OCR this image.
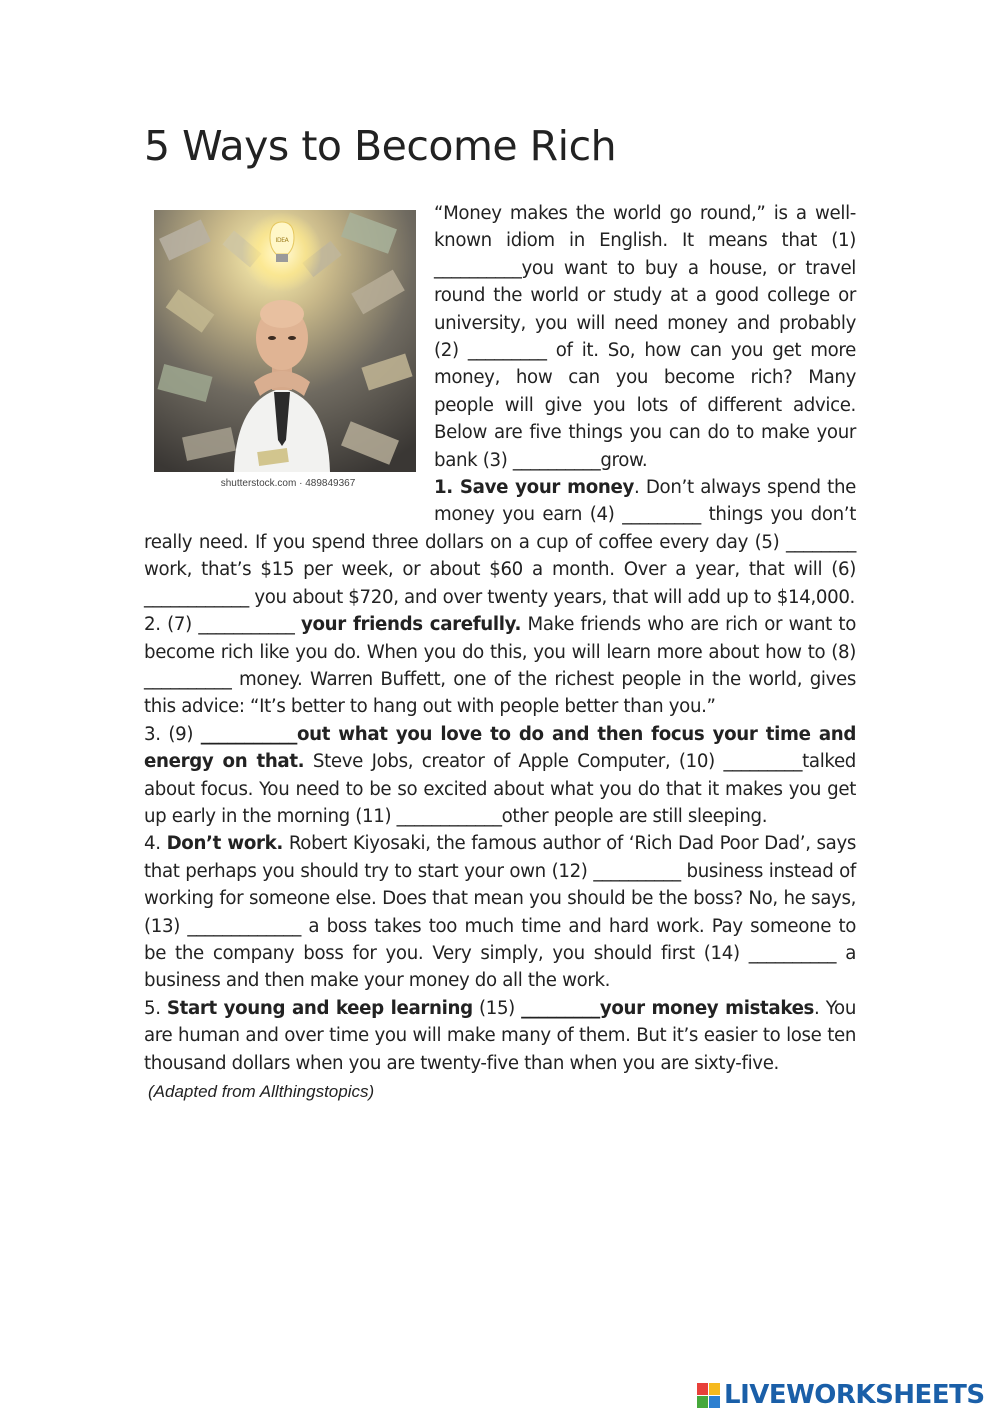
5 Ways to Become Rich
IDEA
shutterstock.com · 489849367

“Money makes the world go round,” is a well-known idiom in English. It means that (1) __________you want to buy a house, or travel round the world or study at a good college or university, you will need money and probably (2) _________ of it. So, how can you get more money, how can you become rich? Many people will give you lots of different advice. Below are five things you can do to make your bank (3) __________grow.

1. Save your money. Don’t always spend the money you earn (4) _________ things you don’t really need. If you spend three dollars on a cup of coffee every day (5) ________ work, that’s $15 per week, or about $60 a month. Over a year, that will (6) ____________ you about $720, and over twenty years, that will add up to $14,000.

2. (7) ___________ your friends carefully. Make friends who are rich or want to become rich like you do. When you do this, you will learn more about how to (8) __________ money. Warren Buffett, one of the richest people in the world, gives this advice: “It’s better to hang out with people better than you.”

3. (9) ___________out what you love to do and then focus your time and energy on that. Steve Jobs, creator of Apple Computer, (10) _________talked about focus. You need to be so excited about what you do that it makes you get up early in the morning (11) ____________other people are still sleeping.

4. Don’t work. Robert Kiyosaki, the famous author of ‘Rich Dad Poor Dad’, says that perhaps you should try to start your own (12) __________ business instead of working for someone else. Does that mean you should be the boss? No, he says, (13) _____________ a boss takes too much time and hard work. Pay someone to be the company boss for you. Very simply, you should first (14) __________ a business and then make your money do all the work.

5. Start young and keep learning (15) _________your money mistakes. You are human and over time you will make many of them. But it’s easier to lose ten thousand dollars when you are twenty-five than when you are sixty-five.

(Adapted from Allthingstopics)
LIVEWORKSHEETS
